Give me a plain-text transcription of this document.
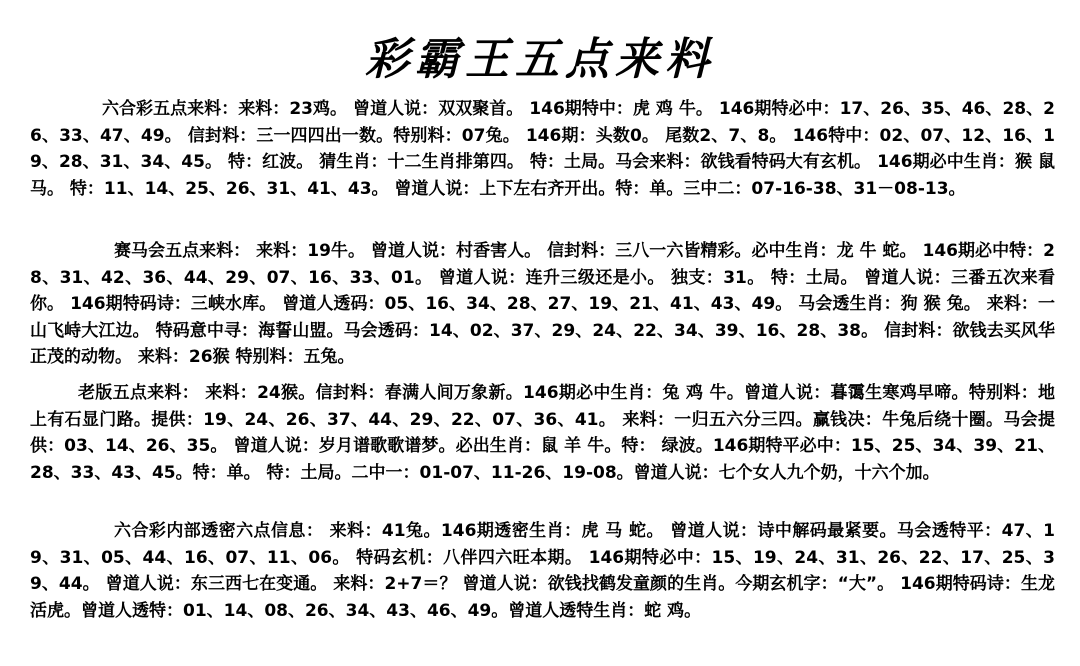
彩霸王五点来料

六合彩五点来料：来料：23鸡。 曾道人说：双双聚首。 146期特中：虎 鸡 牛。 146期特必中：17、26、35、46、28、26、33、47、49。 信封料：三一四四出一数。特别料：07兔。 146期：头数0。 尾数2、7、8。 146特中：02、07、12、16、19、28、31、34、45。 特：红波。 猜生肖：十二生肖排第四。 特：土局。马会来料：欲钱看特码大有玄机。 146期必中生肖：猴 鼠 马。 特：11、14、25、26、31、41、43。 曾道人说：上下左右齐开出。特：单。三中二：07-16-38、31－08-13。

赛马会五点来料： 来料：19牛。 曾道人说：村香害人。 信封料：三八一六皆精彩。必中生肖：龙 牛 蛇。 146期必中特：28、31、42、36、44、29、07、16、33、01。 曾道人说：连升三级还是小。 独支：31。 特：土局。 曾道人说：三番五次来看你。 146期特码诗：三峡水库。 曾道人透码：05、16、34、28、27、19、21、41、43、49。 马会透生肖：狗 猴 兔。 来料：一山飞峙大江边。 特码意中寻：海誓山盟。马会透码：14、02、37、29、24、22、34、39、16、28、38。 信封料：欲钱去买风华正茂的动物。 来料：26猴 特别料：五兔。

老版五点来料： 来料：24猴。信封料：春满人间万象新。146期必中生肖：兔 鸡 牛。曾道人说：暮霭生寒鸡早啼。特别料：地上有石显门路。提供：19、24、26、37、44、29、22、07、36、41。 来料：一归五六分三四。赢钱决：牛兔后绕十圈。马会提供：03、14、26、35。 曾道人说：岁月谱歌歌谱梦。必出生肖：鼠 羊 牛。特： 绿波。146期特平必中：15、25、34、39、21、28、33、43、45。特：单。 特：土局。二中一：01-07、11-26、19-08。曾道人说：七个女人九个奶，十六个加。

六合彩内部透密六点信息： 来料：41兔。146期透密生肖：虎 马 蛇。 曾道人说：诗中解码最紧要。马会透特平：47、19、31、05、44、16、07、11、06。 特码玄机：八伴四六旺本期。 146期特必中：15、19、24、31、26、22、17、25、39、44。 曾道人说：东三西七在变通。 来料：2+7＝？ 曾道人说：欲钱找鹤发童颜的生肖。今期玄机字：“大”。 146期特码诗：生龙活虎。曾道人透特：01、14、08、26、34、43、46、49。曾道人透特生肖：蛇 鸡。
